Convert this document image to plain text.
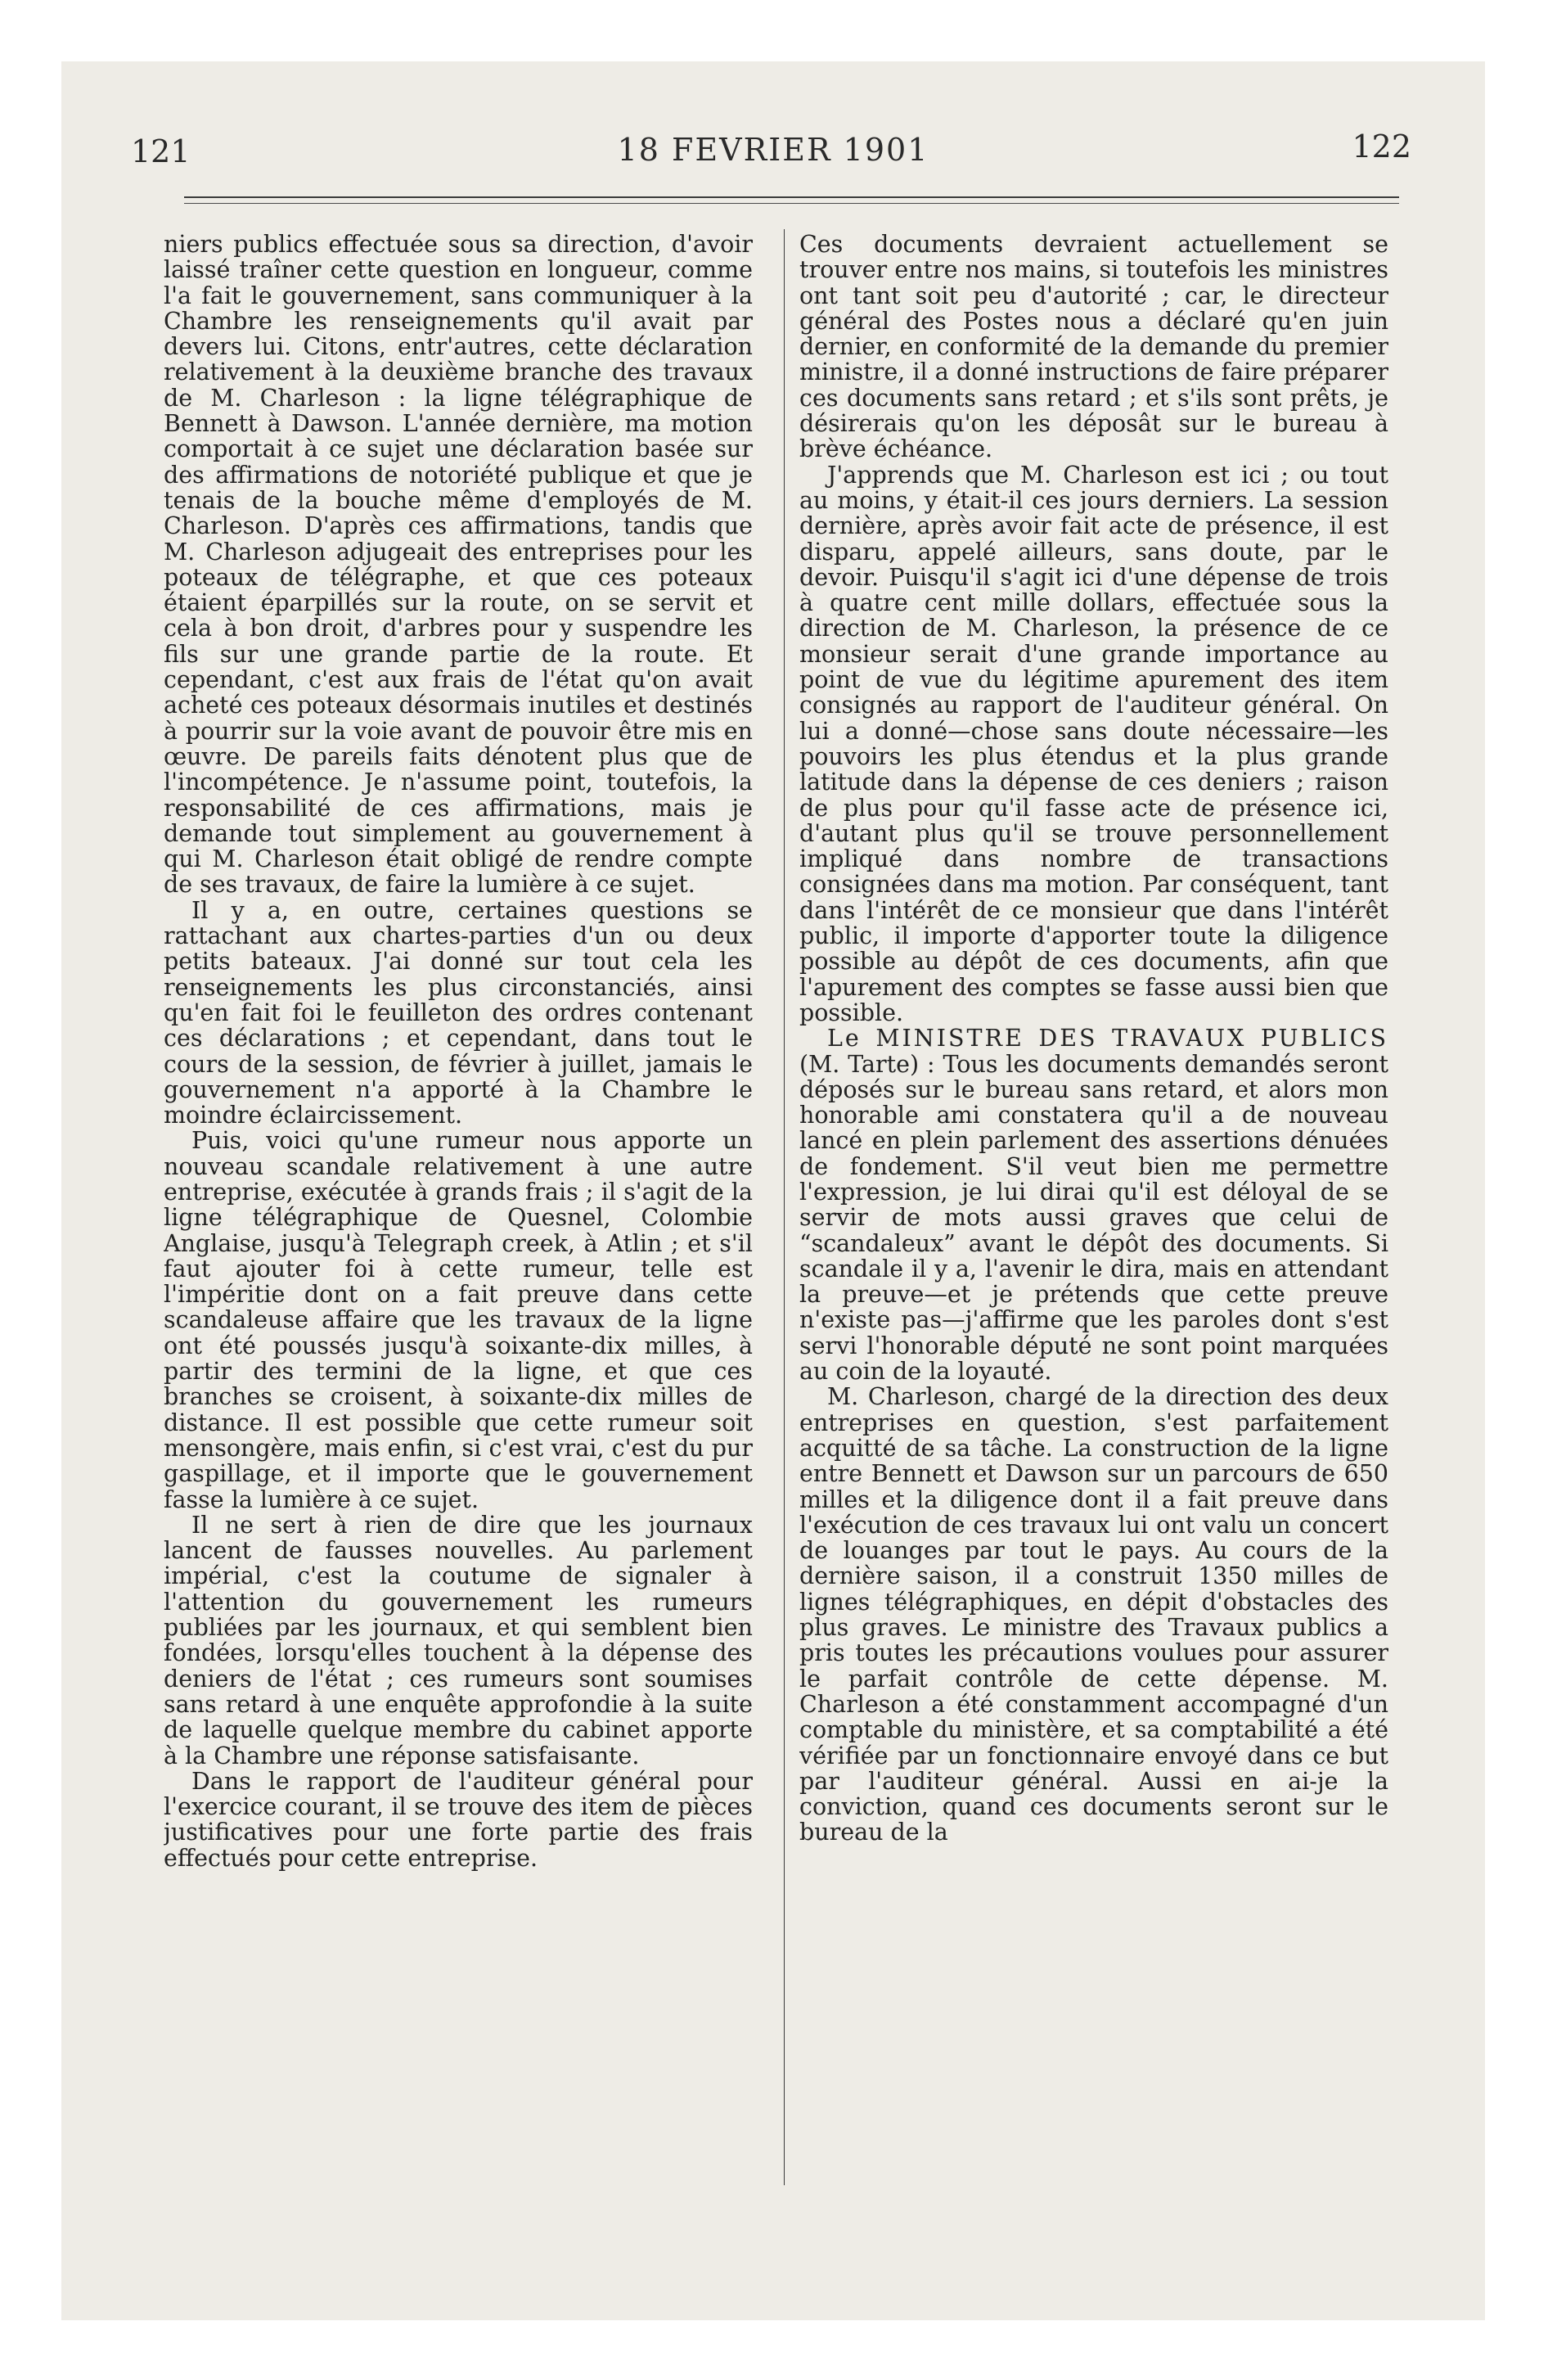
121	18 FEVRIER 1901	122

niers publics effectuée sous sa direction, d'avoir laissé traîner cette question en longueur, comme l'a fait le gouvernement, sans communiquer à la Chambre les renseignements qu'il avait par devers lui. Citons, entr'autres, cette déclaration relativement à la deuxième branche des travaux de M. Charleson : la ligne télégraphique de Bennett à Dawson. L'année dernière, ma motion comportait à ce sujet une déclaration basée sur des affirmations de notoriété publique et que je tenais de la bouche même d'employés de M. Charleson. D'après ces affirmations, tandis que M. Charleson adjugeait des entreprises pour les poteaux de télégraphe, et que ces poteaux étaient éparpillés sur la route, on se servit et cela à bon droit, d'arbres pour y suspendre les fils sur une grande partie de la route. Et cependant, c'est aux frais de l'état qu'on avait acheté ces poteaux désormais inutiles et destinés à pourrir sur la voie avant de pouvoir être mis en œuvre. De pareils faits dénotent plus que de l'incompétence. Je n'assume point, toutefois, la responsabilité de ces affirmations, mais je demande tout simplement au gouvernement à qui M. Charleson était obligé de rendre compte de ses travaux, de faire la lumière à ce sujet.

Il y a, en outre, certaines questions se rattachant aux chartes-parties d'un ou deux petits bateaux. J'ai donné sur tout cela les renseignements les plus circonstanciés, ainsi qu'en fait foi le feuilleton des ordres contenant ces déclarations ; et cependant, dans tout le cours de la session, de février à juillet, jamais le gouvernement n'a apporté à la Chambre le moindre éclaircissement.

Puis, voici qu'une rumeur nous apporte un nouveau scandale relativement à une autre entreprise, exécutée à grands frais ; il s'agit de la ligne télégraphique de Quesnel, Colombie Anglaise, jusqu'à Telegraph creek, à Atlin ; et s'il faut ajouter foi à cette rumeur, telle est l'impéritie dont on a fait preuve dans cette scandaleuse affaire que les travaux de la ligne ont été poussés jusqu'à soixante-dix milles, à partir des termini de la ligne, et que ces branches se croisent, à soixante-dix milles de distance. Il est possible que cette rumeur soit mensongère, mais enfin, si c'est vrai, c'est du pur gaspillage, et il importe que le gouvernement fasse la lumière à ce sujet.

Il ne sert à rien de dire que les journaux lancent de fausses nouvelles. Au parlement impérial, c'est la coutume de signaler à l'attention du gouvernement les rumeurs publiées par les journaux, et qui semblent bien fondées, lorsqu'elles touchent à la dépense des deniers de l'état ; ces rumeurs sont soumises sans retard à une enquête approfondie à la suite de laquelle quelque membre du cabinet apporte à la Chambre une réponse satisfaisante.

Dans le rapport de l'auditeur général pour l'exercice courant, il se trouve des item de pièces justificatives pour une forte partie des frais effectués pour cette entreprise.

Ces documents devraient actuellement se trouver entre nos mains, si toutefois les ministres ont tant soit peu d'autorité ; car, le directeur général des Postes nous a déclaré qu'en juin dernier, en conformité de la demande du premier ministre, il a donné instructions de faire préparer ces documents sans retard ; et s'ils sont prêts, je désirerais qu'on les déposât sur le bureau à brève échéance.

J'apprends que M. Charleson est ici ; ou tout au moins, y était-il ces jours derniers. La session dernière, après avoir fait acte de présence, il est disparu, appelé ailleurs, sans doute, par le devoir. Puisqu'il s'agit ici d'une dépense de trois à quatre cent mille dollars, effectuée sous la direction de M. Charleson, la présence de ce monsieur serait d'une grande importance au point de vue du légitime apurement des item consignés au rapport de l'auditeur général. On lui a donné—chose sans doute nécessaire—les pouvoirs les plus étendus et la plus grande latitude dans la dépense de ces deniers ; raison de plus pour qu'il fasse acte de présence ici, d'autant plus qu'il se trouve personnellement impliqué dans nombre de transactions consignées dans ma motion. Par conséquent, tant dans l'intérêt de ce monsieur que dans l'intérêt public, il importe d'apporter toute la diligence possible au dépôt de ces documents, afin que l'apurement des comptes se fasse aussi bien que possible.

Le MINISTRE DES TRAVAUX PUBLICS (M. Tarte) : Tous les documents demandés seront déposés sur le bureau sans retard, et alors mon honorable ami constatera qu'il a de nouveau lancé en plein parlement des assertions dénuées de fondement. S'il veut bien me permettre l'expression, je lui dirai qu'il est déloyal de se servir de mots aussi graves que celui de “scandaleux” avant le dépôt des documents. Si scandale il y a, l'avenir le dira, mais en attendant la preuve—et je prétends que cette preuve n'existe pas—j'affirme que les paroles dont s'est servi l'honorable député ne sont point marquées au coin de la loyauté.

M. Charleson, chargé de la direction des deux entreprises en question, s'est parfaitement acquitté de sa tâche. La construction de la ligne entre Bennett et Dawson sur un parcours de 650 milles et la diligence dont il a fait preuve dans l'exécution de ces travaux lui ont valu un concert de louanges par tout le pays. Au cours de la dernière saison, il a construit 1350 milles de lignes télégraphiques, en dépit d'obstacles des plus graves. Le ministre des Travaux publics a pris toutes les précautions voulues pour assurer le parfait contrôle de cette dépense. M. Charleson a été constamment accompagné d'un comptable du ministère, et sa comptabilité a été vérifiée par un fonctionnaire envoyé dans ce but par l'auditeur général. Aussi en ai-je la conviction, quand ces documents seront sur le bureau de la
